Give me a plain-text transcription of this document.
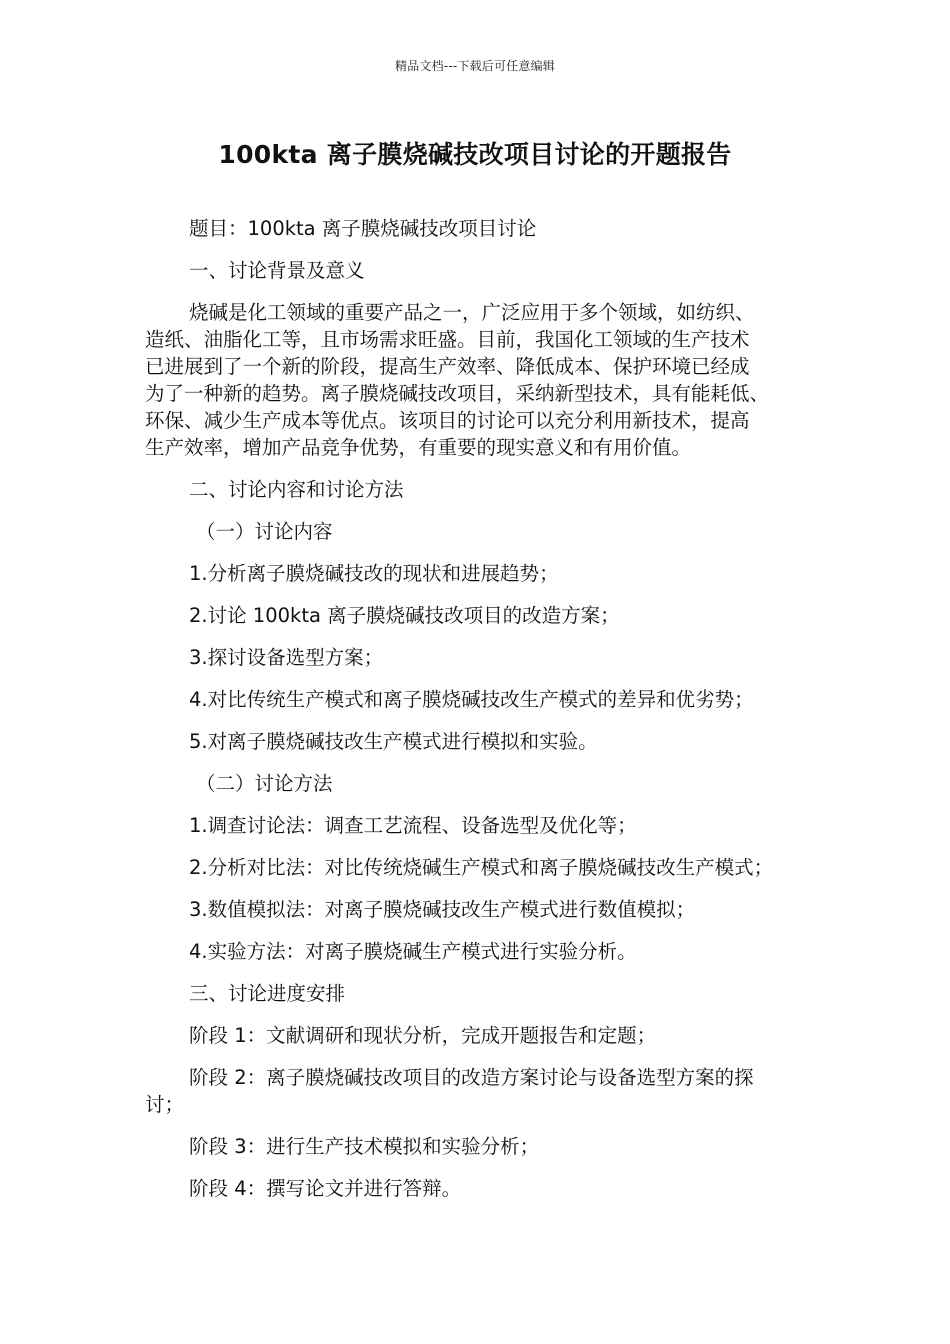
精品文档---下载后可任意编辑
100kta 离子膜烧碱技改项目讨论的开题报告

题目：100kta 离子膜烧碱技改项目讨论

一、讨论背景及意义

烧碱是化工领域的重要产品之一，广泛应用于多个领域，如纺织、
造纸、油脂化工等，且市场需求旺盛。目前，我国化工领域的生产技术
已进展到了一个新的阶段，提高生产效率、降低成本、保护环境已经成
为了一种新的趋势。离子膜烧碱技改项目，采纳新型技术，具有能耗低、
环保、减少生产成本等优点。该项目的讨论可以充分利用新技术，提高
生产效率，增加产品竞争优势，有重要的现实意义和有用价值。

二、讨论内容和讨论方法

（一）讨论内容

1.分析离子膜烧碱技改的现状和进展趋势；

2.讨论 100kta 离子膜烧碱技改项目的改造方案；

3.探讨设备选型方案；

4.对比传统生产模式和离子膜烧碱技改生产模式的差异和优劣势；

5.对离子膜烧碱技改生产模式进行模拟和实验。

（二）讨论方法

1.调查讨论法：调查工艺流程、设备选型及优化等；

2.分析对比法：对比传统烧碱生产模式和离子膜烧碱技改生产模式；

3.数值模拟法：对离子膜烧碱技改生产模式进行数值模拟；

4.实验方法：对离子膜烧碱生产模式进行实验分析。

三、讨论进度安排

阶段 1：文献调研和现状分析，完成开题报告和定题；

阶段 2：离子膜烧碱技改项目的改造方案讨论与设备选型方案的探
讨；

阶段 3：进行生产技术模拟和实验分析；

阶段 4：撰写论文并进行答辩。
